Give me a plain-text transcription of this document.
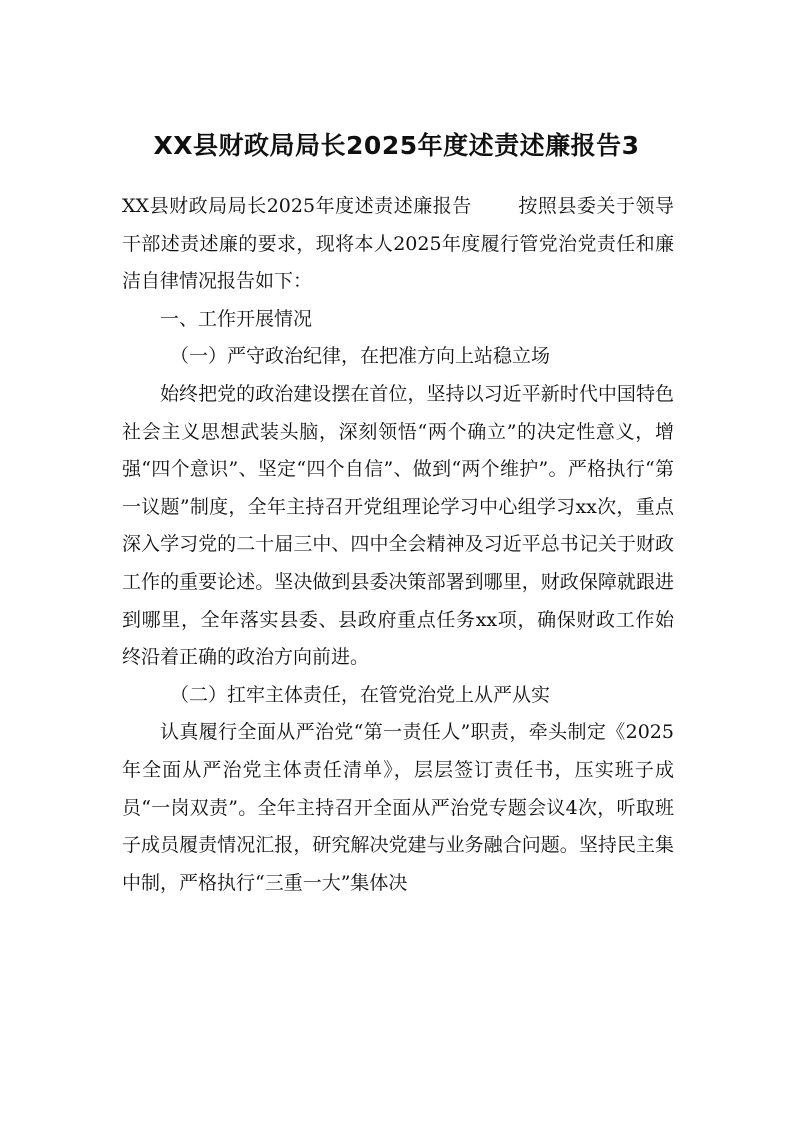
XX县财政局局长2025年度述责述廉报告3

XX县财政局局长2025年度述责述廉报告 按照县委关于领导干部述责述廉的要求，现将本人2025年度履行管党治党责任和廉洁自律情况报告如下：

一、工作开展情况

（一）严守政治纪律，在把准方向上站稳立场

始终把党的政治建设摆在首位，坚持以习近平新时代中国特色社会主义思想武装头脑，深刻领悟“两个确立”的决定性意义，增强“四个意识”、坚定“四个自信”、做到“两个维护”。严格执行“第一议题”制度，全年主持召开党组理论学习中心组学习xx次，重点深入学习党的二十届三中、四中全会精神及习近平总书记关于财政工作的重要论述。坚决做到县委决策部署到哪里，财政保障就跟进到哪里，全年落实县委、县政府重点任务xx项，确保财政工作始终沿着正确的政治方向前进。

（二）扛牢主体责任，在管党治党上从严从实

认真履行全面从严治党“第一责任人”职责，牵头制定《2025年全面从严治党主体责任清单》，层层签订责任书，压实班子成员“一岗双责”。全年主持召开全面从严治党专题会议4次，听取班子成员履责情况汇报，研究解决党建与业务融合问题。坚持民主集中制，严格执行“三重一大”集体决
